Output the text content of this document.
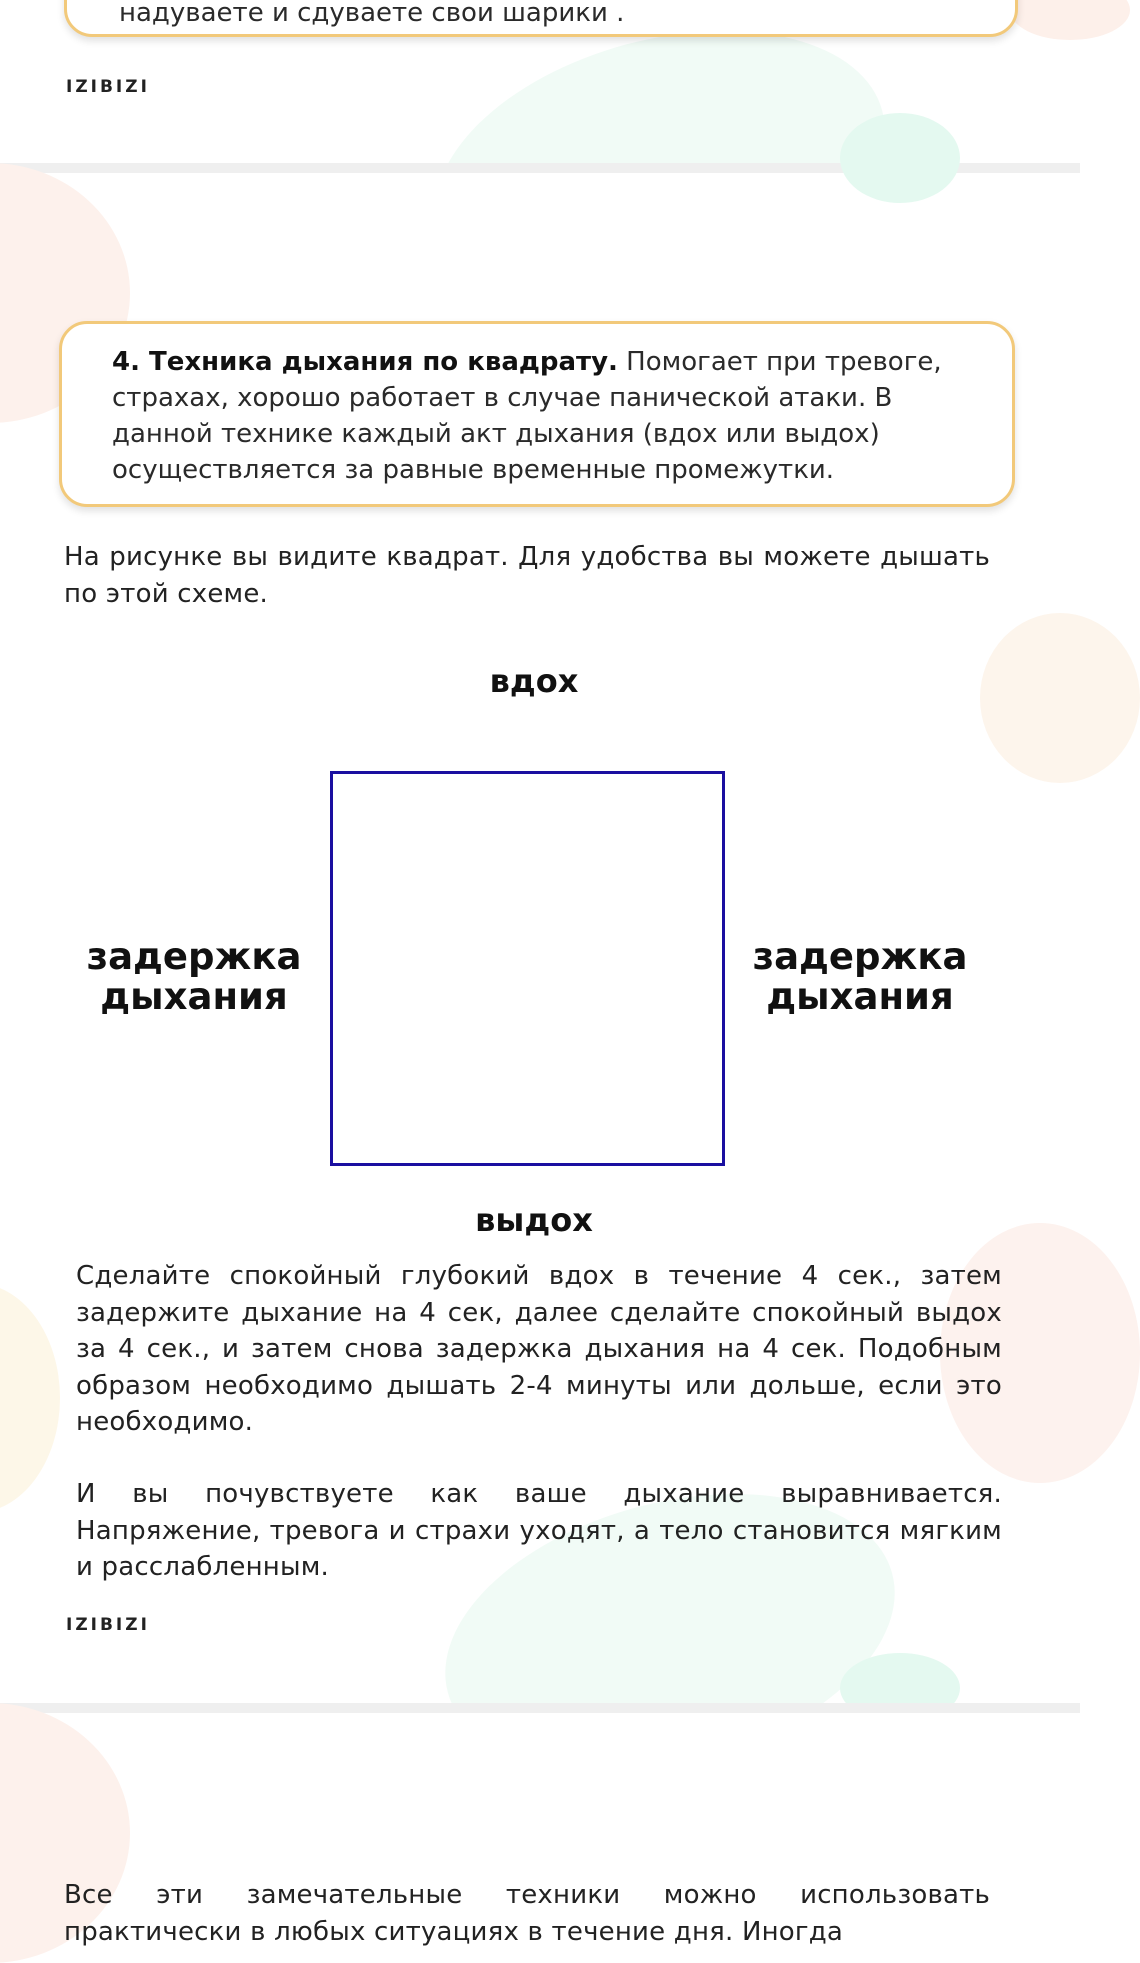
надуваете и сдуваете свои шарики .
IZIBIZI
4. Техника дыхания по квадрату. Помогает при тревоге, страхах, хорошо работает в случае панической атаки. В данной технике каждый акт дыхания (вдох или выдох) осуществляется за равные временные промежутки.

На рисунке вы видите квадрат. Для удобства вы можете дышать по этой схеме.

вдох
задержка
дыхания
задержка
дыхания
выдох

Сделайте спокойный глубокий вдох в течение 4 сек., затем задержите дыхание на 4 сек, далее сделайте спокойный выдох за 4 сек., и затем снова задержка дыхания на 4 сек. Подобным образом необходимо дышать 2-4 минуты или дольше, если это необходимо.

И вы почувствуете как ваше дыхание выравнивается. Напряжение, тревога и страхи уходят, а тело становится мягким и расслабленным.

IZIBIZI

Все эти замечательные техники можно использовать практически в любых ситуациях в течение дня. Иногда
